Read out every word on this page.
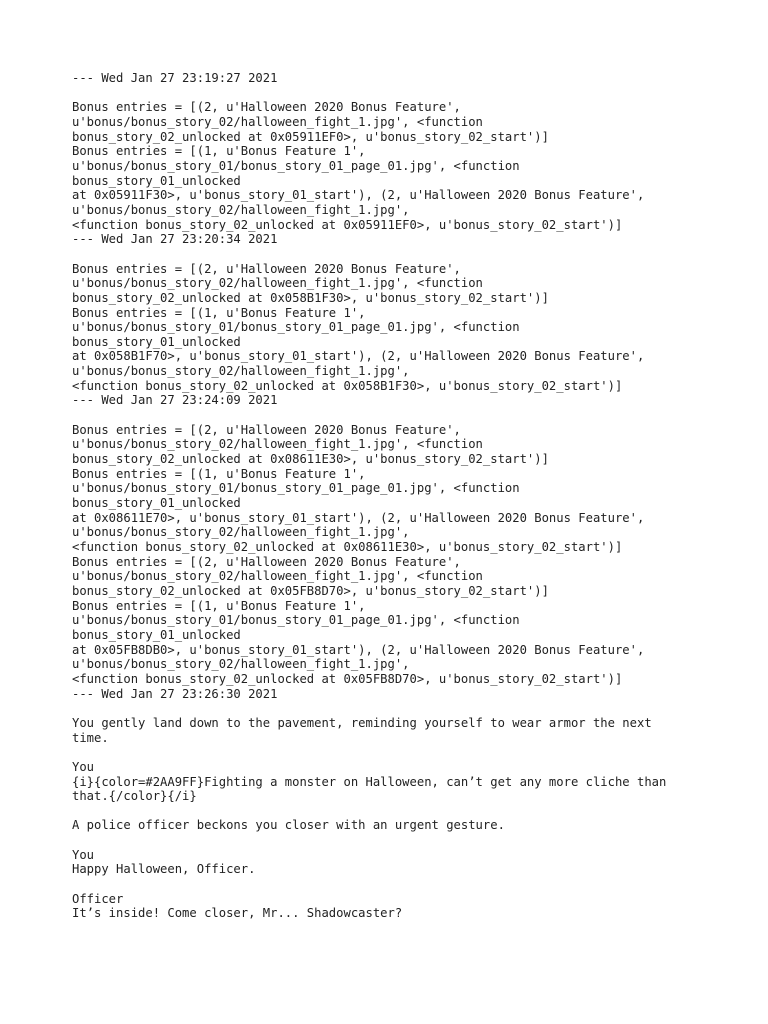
--- Wed Jan 27 23:19:27 2021

Bonus entries = [(2, u'Halloween 2020 Bonus Feature',
u'bonus/bonus_story_02/halloween_fight_1.jpg', <function
bonus_story_02_unlocked at 0x05911EF0>, u'bonus_story_02_start')]
Bonus entries = [(1, u'Bonus Feature 1',
u'bonus/bonus_story_01/bonus_story_01_page_01.jpg', <function
bonus_story_01_unlocked
at 0x05911F30>, u'bonus_story_01_start'), (2, u'Halloween 2020 Bonus Feature',
u'bonus/bonus_story_02/halloween_fight_1.jpg',
<function bonus_story_02_unlocked at 0x05911EF0>, u'bonus_story_02_start')]
--- Wed Jan 27 23:20:34 2021

Bonus entries = [(2, u'Halloween 2020 Bonus Feature',
u'bonus/bonus_story_02/halloween_fight_1.jpg', <function
bonus_story_02_unlocked at 0x058B1F30>, u'bonus_story_02_start')]
Bonus entries = [(1, u'Bonus Feature 1',
u'bonus/bonus_story_01/bonus_story_01_page_01.jpg', <function
bonus_story_01_unlocked
at 0x058B1F70>, u'bonus_story_01_start'), (2, u'Halloween 2020 Bonus Feature',
u'bonus/bonus_story_02/halloween_fight_1.jpg',
<function bonus_story_02_unlocked at 0x058B1F30>, u'bonus_story_02_start')]
--- Wed Jan 27 23:24:09 2021

Bonus entries = [(2, u'Halloween 2020 Bonus Feature',
u'bonus/bonus_story_02/halloween_fight_1.jpg', <function
bonus_story_02_unlocked at 0x08611E30>, u'bonus_story_02_start')]
Bonus entries = [(1, u'Bonus Feature 1',
u'bonus/bonus_story_01/bonus_story_01_page_01.jpg', <function
bonus_story_01_unlocked
at 0x08611E70>, u'bonus_story_01_start'), (2, u'Halloween 2020 Bonus Feature',
u'bonus/bonus_story_02/halloween_fight_1.jpg',
<function bonus_story_02_unlocked at 0x08611E30>, u'bonus_story_02_start')]
Bonus entries = [(2, u'Halloween 2020 Bonus Feature',
u'bonus/bonus_story_02/halloween_fight_1.jpg', <function
bonus_story_02_unlocked at 0x05FB8D70>, u'bonus_story_02_start')]
Bonus entries = [(1, u'Bonus Feature 1',
u'bonus/bonus_story_01/bonus_story_01_page_01.jpg', <function
bonus_story_01_unlocked
at 0x05FB8DB0>, u'bonus_story_01_start'), (2, u'Halloween 2020 Bonus Feature',
u'bonus/bonus_story_02/halloween_fight_1.jpg',
<function bonus_story_02_unlocked at 0x05FB8D70>, u'bonus_story_02_start')]
--- Wed Jan 27 23:26:30 2021

You gently land down to the pavement, reminding yourself to wear armor the next
time.

You
{i}{color=#2AA9FF}Fighting a monster on Halloween, can’t get any more cliche than
that.{/color}{/i}

A police officer beckons you closer with an urgent gesture.

You
Happy Halloween, Officer.

Officer
It’s inside! Come closer, Mr... Shadowcaster?
